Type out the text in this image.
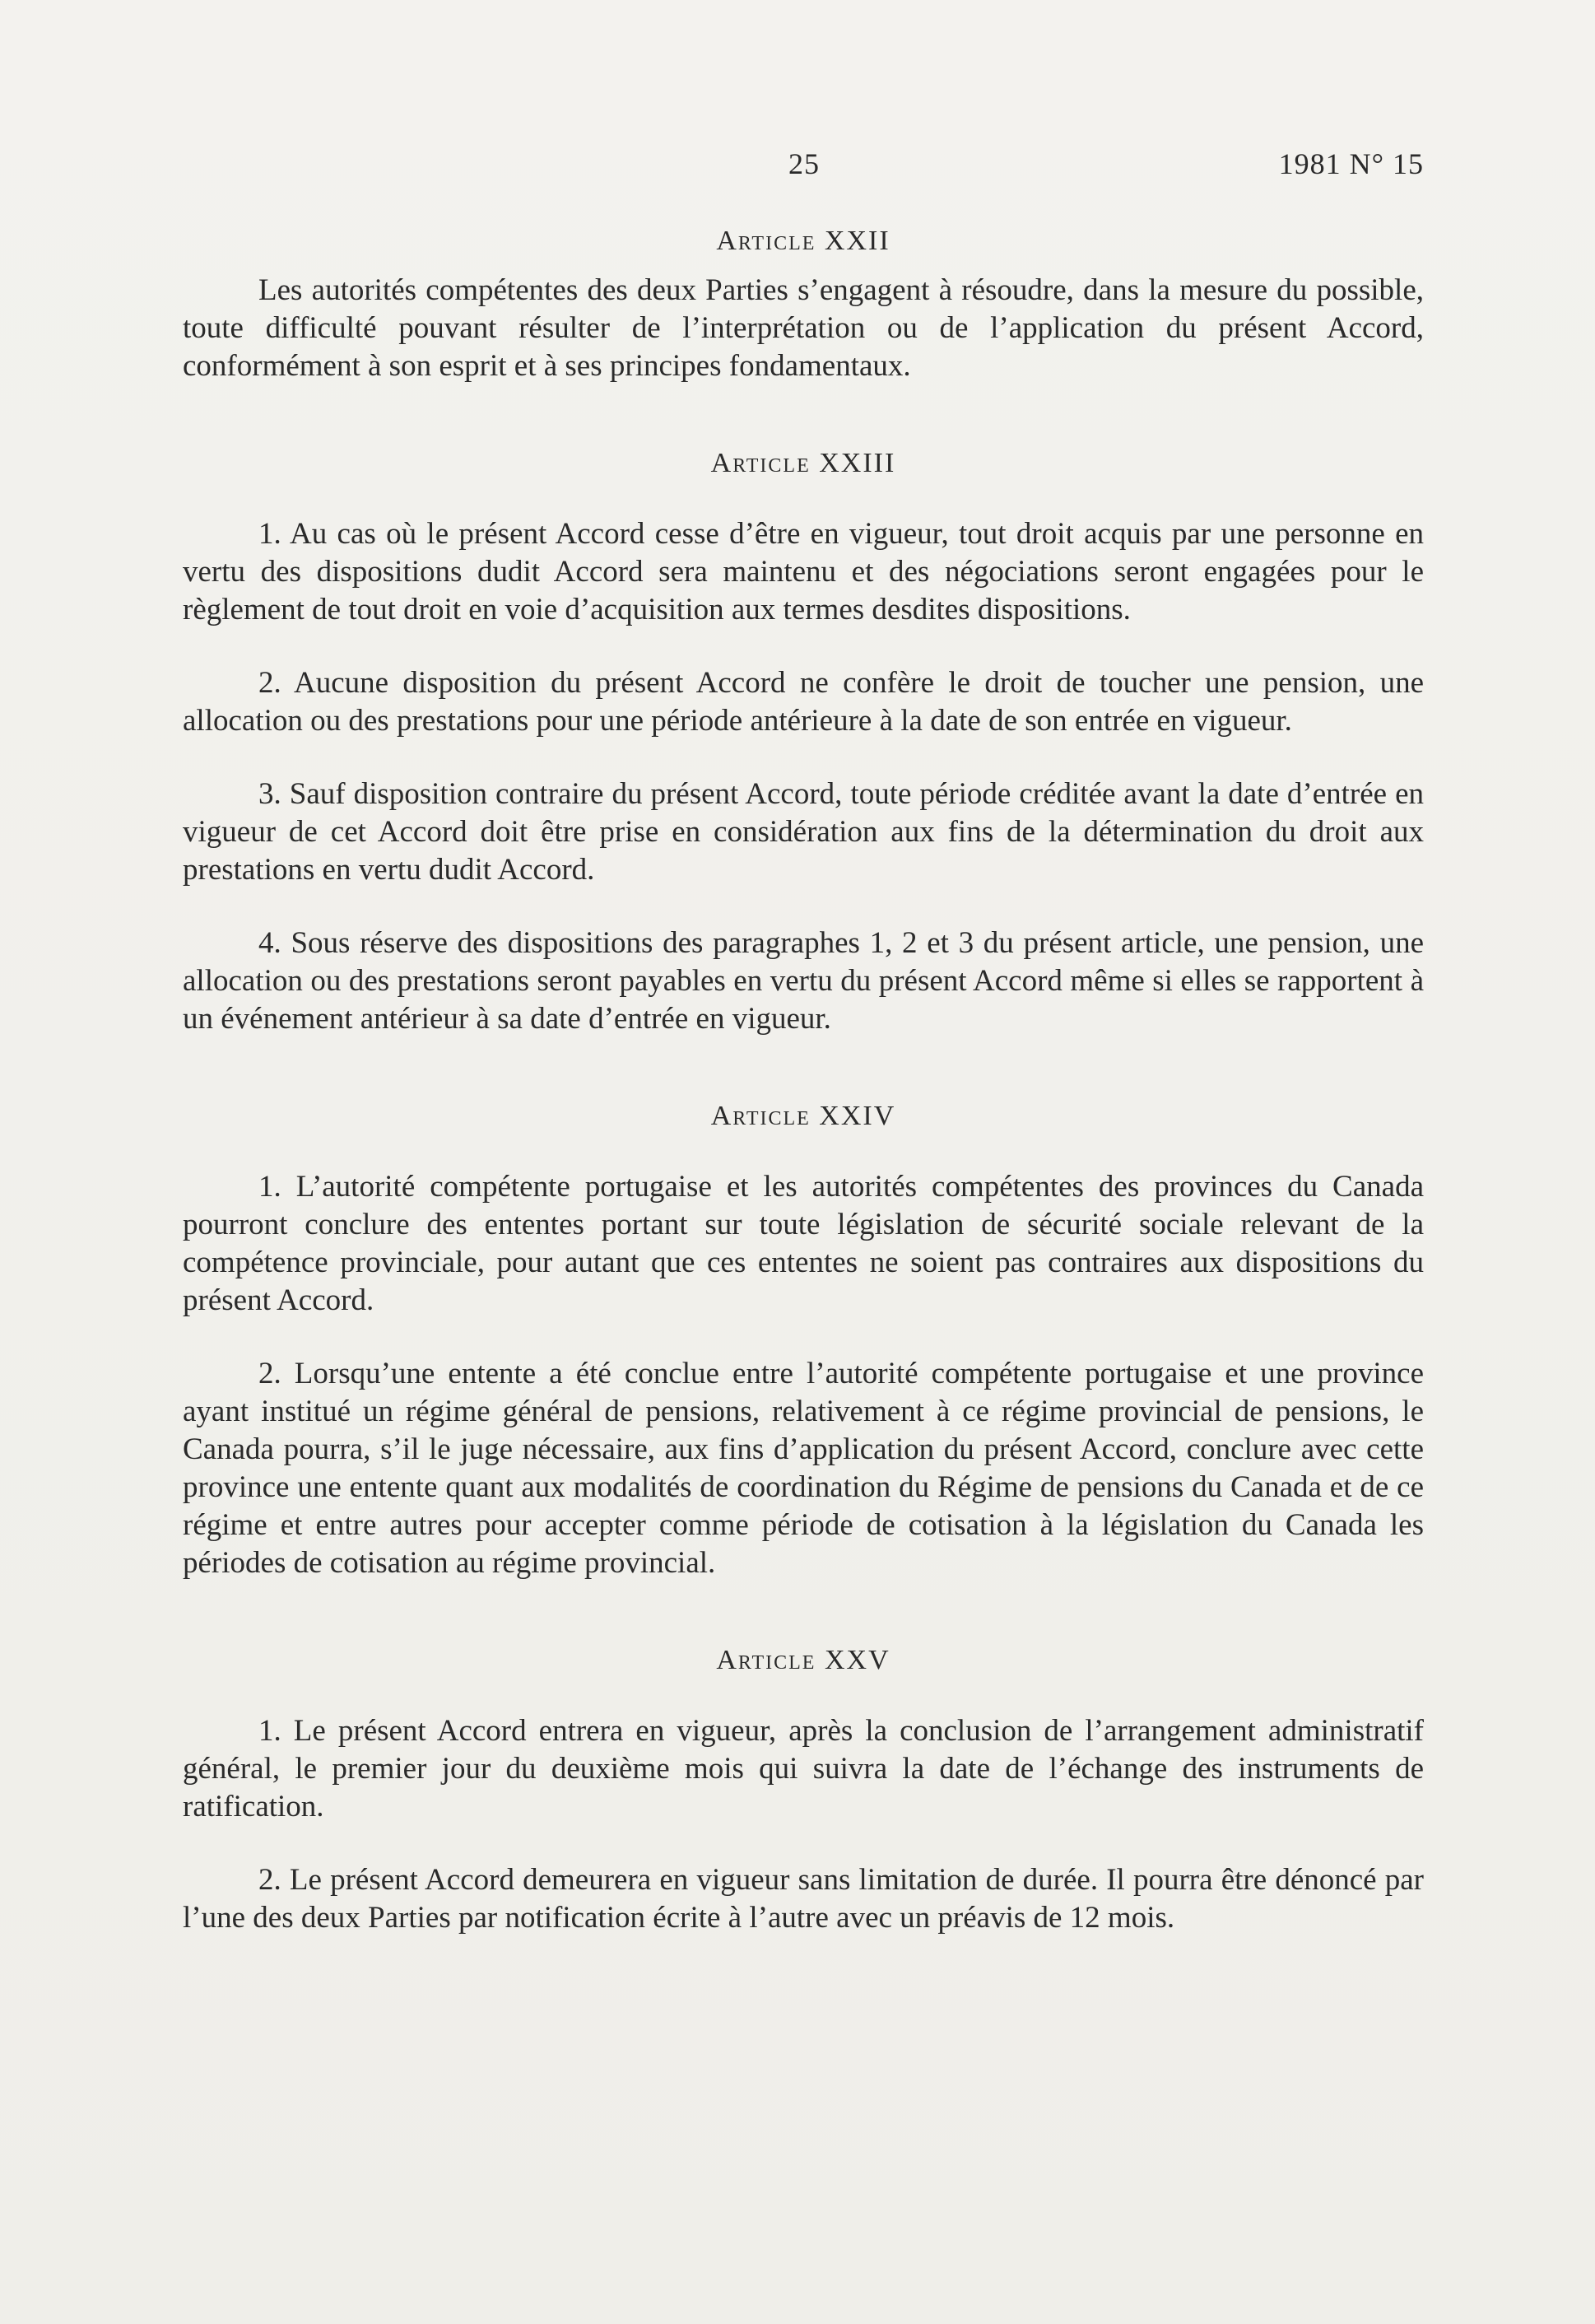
25	1981 N° 15
Article XXII

Les autorités compétentes des deux Parties s’engagent à résoudre, dans la mesure du possible, toute difficulté pouvant résulter de l’interprétation ou de l’application du présent Accord, conformément à son esprit et à ses principes fondamentaux.

Article XXIII

1. Au cas où le présent Accord cesse d’être en vigueur, tout droit acquis par une personne en vertu des dispositions dudit Accord sera maintenu et des négociations seront engagées pour le règlement de tout droit en voie d’acquisition aux termes desdites dispositions.

2. Aucune disposition du présent Accord ne confère le droit de toucher une pension, une allocation ou des prestations pour une période antérieure à la date de son entrée en vigueur.

3. Sauf disposition contraire du présent Accord, toute période créditée avant la date d’entrée en vigueur de cet Accord doit être prise en considération aux fins de la détermination du droit aux prestations en vertu dudit Accord.

4. Sous réserve des dispositions des paragraphes 1, 2 et 3 du présent article, une pension, une allocation ou des prestations seront payables en vertu du présent Accord même si elles se rapportent à un événement antérieur à sa date d’entrée en vigueur.

Article XXIV

1. L’autorité compétente portugaise et les autorités compétentes des provinces du Canada pourront conclure des ententes portant sur toute législation de sécurité sociale relevant de la compétence provinciale, pour autant que ces ententes ne soient pas contraires aux dispositions du présent Accord.

2. Lorsqu’une entente a été conclue entre l’autorité compétente portugaise et une province ayant institué un régime général de pensions, relativement à ce régime provincial de pensions, le Canada pourra, s’il le juge nécessaire, aux fins d’application du présent Accord, conclure avec cette province une entente quant aux modalités de coordination du Régime de pensions du Canada et de ce régime et entre autres pour accepter comme période de cotisation à la législation du Canada les périodes de cotisation au régime provincial.

Article XXV

1. Le présent Accord entrera en vigueur, après la conclusion de l’arrangement administratif général, le premier jour du deuxième mois qui suivra la date de l’échange des instruments de ratification.

2. Le présent Accord demeurera en vigueur sans limitation de durée. Il pourra être dénoncé par l’une des deux Parties par notification écrite à l’autre avec un préavis de 12 mois.
